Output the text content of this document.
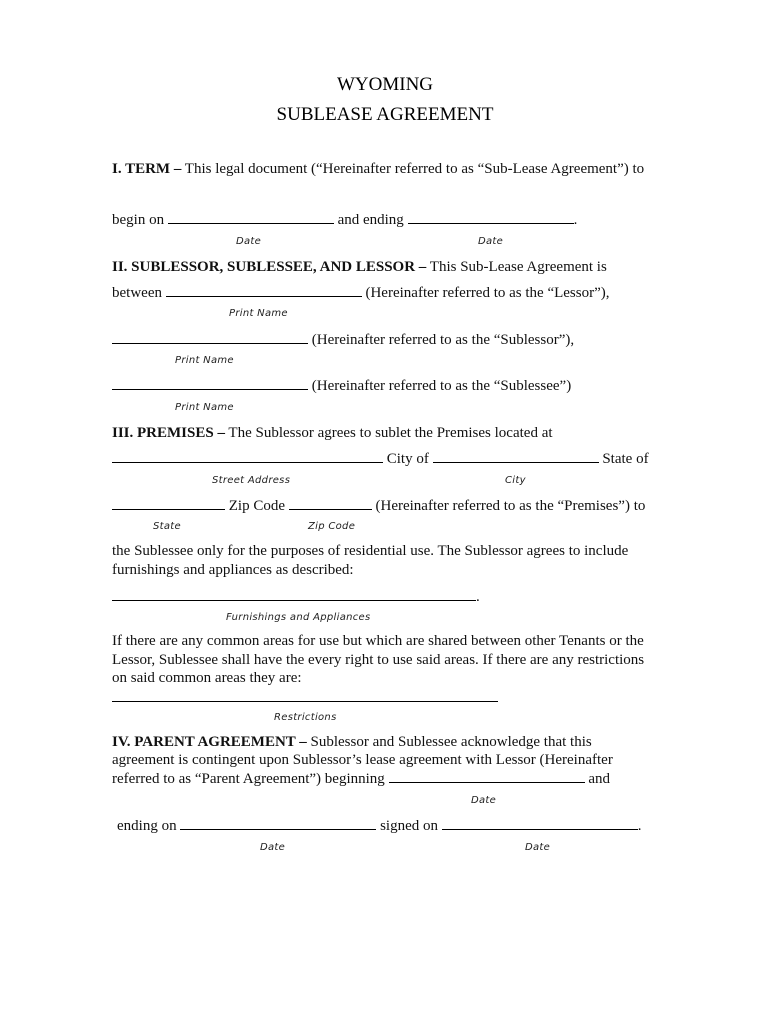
WYOMING
SUBLEASE AGREEMENT
I. TERM – This legal document (“Hereinafter referred to as “Sub-Lease Agreement”) to
begin on	and ending	.
Date	Date
II. SUBLESSOR, SUBLESSEE, AND LESSOR – This Sub-Lease Agreement is
between	(Hereinafter referred to as the “Lessor”),
Print Name
(Hereinafter referred to as the “Sublessor”),
Print Name
(Hereinafter referred to as the “Sublessee”)
Print Name
III. PREMISES – The Sublessor agrees to sublet the Premises located at
City of	State of
Street Address	City
Zip Code	(Hereinafter referred to as the “Premises”) to
State	Zip Code
the Sublessee only for the purposes of residential use. The Sublessor agrees to include furnishings and appliances as described:
.
Furnishings and Appliances
If there are any common areas for use but which are shared between other Tenants or the Lessor, Sublessee shall have the every right to use said areas. If there are any restrictions on said common areas they are:
Restrictions
IV. PARENT AGREEMENT – Sublessor and Sublessee acknowledge that this
agreement is contingent upon Sublessor’s lease agreement with Lessor (Hereinafter
referred to as “Parent Agreement”) beginning	and
Date
ending on	signed on	.
Date	Date
